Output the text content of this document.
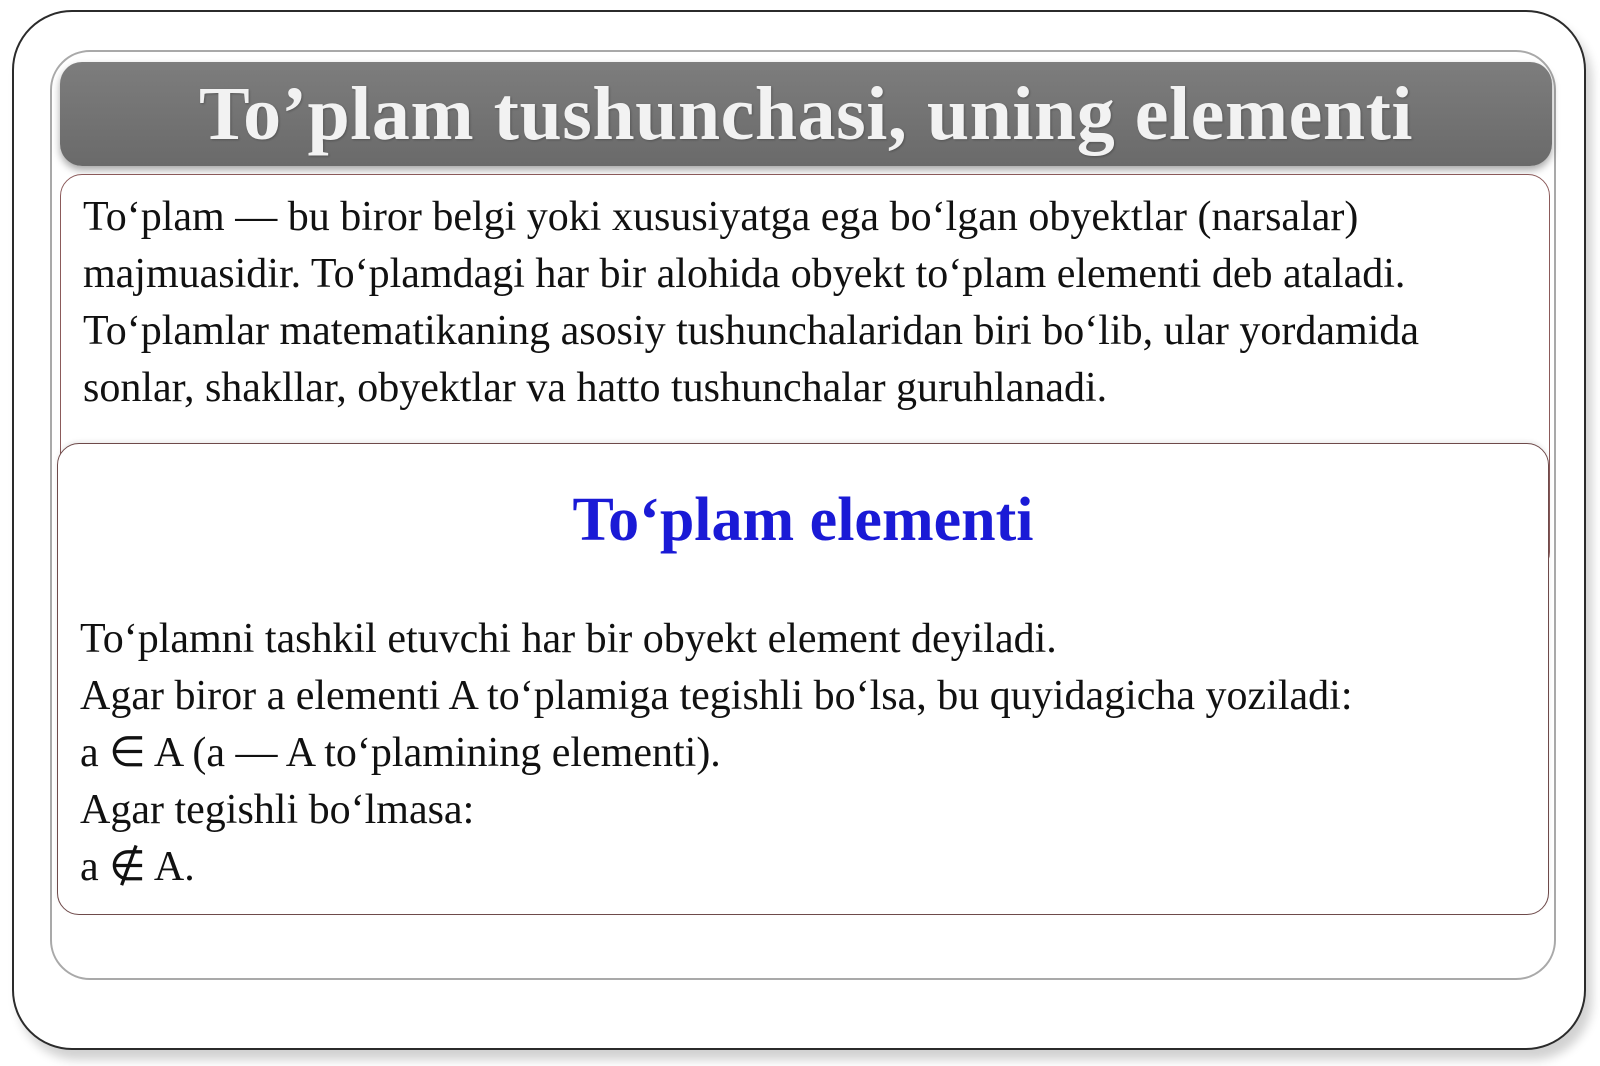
To’plam tushunchasi, uning elementi
To‘plam — bu biror belgi yoki xususiyatga ega bo‘lgan obyektlar (narsalar) majmuasidir. To‘plamdagi har bir alohida obyekt to‘plam elementi deb ataladi. To‘plamlar matematikaning asosiy tushunchalaridan biri bo‘lib, ular yordamida sonlar, shakllar, obyektlar va hatto tushunchalar guruhlanadi.
To‘plam elementi
To‘plamni tashkil etuvchi har bir obyekt element deyiladi.
Agar biror a elementi A to‘plamiga tegishli bo‘lsa, bu quyidagicha yoziladi:
a ∈ A (a — A to‘plamining elementi).
Agar tegishli bo‘lmasa:
a ∉ A.
